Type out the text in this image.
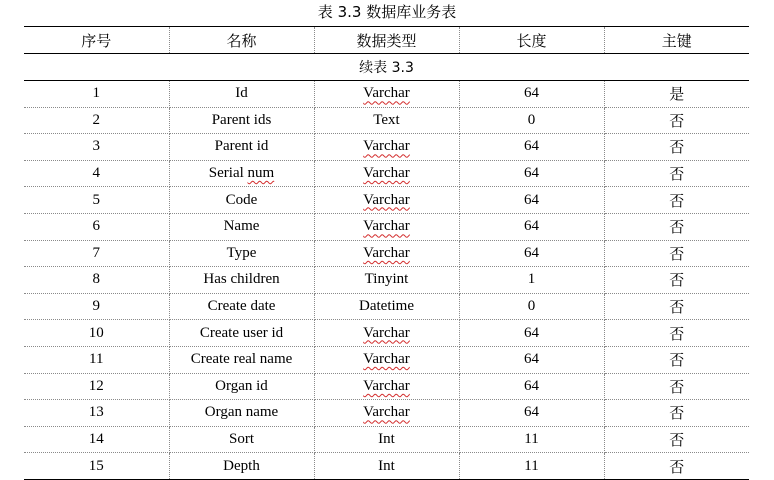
表 3.3 数据库业务表
序号	名称	数据类型	长度	主键
续表 3.3				
1	Id	Varchar	64	是
2	Parent ids	Text	0	否
3	Parent id	Varchar	64	否
4	Serial num	Varchar	64	否
5	Code	Varchar	64	否
6	Name	Varchar	64	否
7	Type	Varchar	64	否
8	Has children	Tinyint	1	否
9	Create date	Datetime	0	否
10	Create user id	Varchar	64	否
11	Create real name	Varchar	64	否
12	Organ id	Varchar	64	否
13	Organ name	Varchar	64	否
14	Sort	Int	11	否
15	Depth	Int	11	否
